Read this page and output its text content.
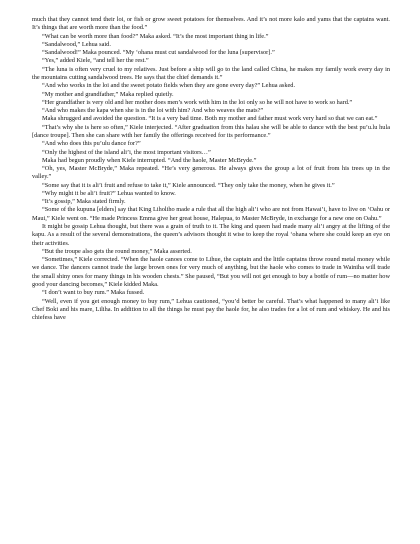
much that they cannot tend their loi, or fish or grow sweet potatoes for themselves. And it’s not more kalo and yams that the captains want. It’s things that are worth more than the food.”

“What can be worth more than food?” Maka asked. “It’s the most important thing in life.”

“Sandalwood,” Lehua said.

“Sandalwood!” Maka pounced. “My ‘ohana must cut sandalwood for the luna [supervisor].”

“Yes,” added Kiele, “and tell her the rest.”

“The luna is often very cruel to my relatives. Just before a ship will go to the land called China, he makes my family work every day in the mountains cutting sandalwood trees. He says that the chief demands it.”

“And who works in the loi and the sweet potato fields when they are gone every day?” Lehua asked.

“My mother and grandfather,” Maka replied quietly.

“Her grandfather is very old and her mother does men’s work with him in the loi only so he will not have to work so hard.”

“And who makes the kapa when she is in the loi with him? And who weaves the mats?”

Maka shrugged and avoided the question. “It is a very bad time. Both my mother and father must work very hard so that we can eat.”

“That’s why she is here so often,” Kiele interjected. “After graduation from this halau she will be able to dance with the best pu’u.lu hula [dance troupe]. Then she can share with her family the offerings received for its performance.”

“And who does this pu’ulu dance for?”

“Only the highest of the island ali’i, the most important visitors…”

Maka had begun proudly when Kiele interrupted. “And the haole, Master McBryde.”

“Oh, yes, Master McBryde,” Maka repeated. “He’s very generous. He always gives the group a lot of fruit from his trees up in the valley.”

“Some say that it is ali’i fruit and refuse to take it,” Kiele announced. “They only take the money, when he gives it.”

“Why might it be ali’i fruit?” Lehua wanted to know.

“It’s gossip,” Maka stated firmly.

“Some of the kupuna [elders] say that King Liholiho made a rule that all the high ali’i who are not from Hawai’i, have to live on ‘Oahu or Maui,” Kiele went on. “He made Princess Emma give her great house, Halepua, to Master McBryde, in exchange for a new one on Oahu.”

It might be gossip Lehua thought, but there was a grain of truth to it. The king and queen had made many ali’i angry at the lifting of the kapu. As a result of the several demonstrations, the queen’s advisors thought it wise to keep the royal ‘ohana where she could keep an eye on their activities.

“But the troupe also gets the round money,” Maka asserted.

“Sometimes,” Kiele corrected. “When the haole canoes come to Lihue, the captain and the little captains throw round metal money while we dance. The dancers cannot trade the large brown ones for very much of anything, but the haole who comes to trade in Wainiha will trade the small shiny ones for many things in his wooden chests.” She paused, “But you will not get enough to buy a bottle of rum—no matter how good your dancing becomes,” Kiele kidded Maka.

“I don’t want to buy rum.” Maka fussed.

“Well, even if you get enough money to buy rum,” Lehua cautioned, “you’d better be careful. That’s what happened to many ali’i like Chef Boki and his mare, Liliha. In addition to all the things he must pay the haole for, he also trades for a lot of rum and whiskey. He and his chiefess have
